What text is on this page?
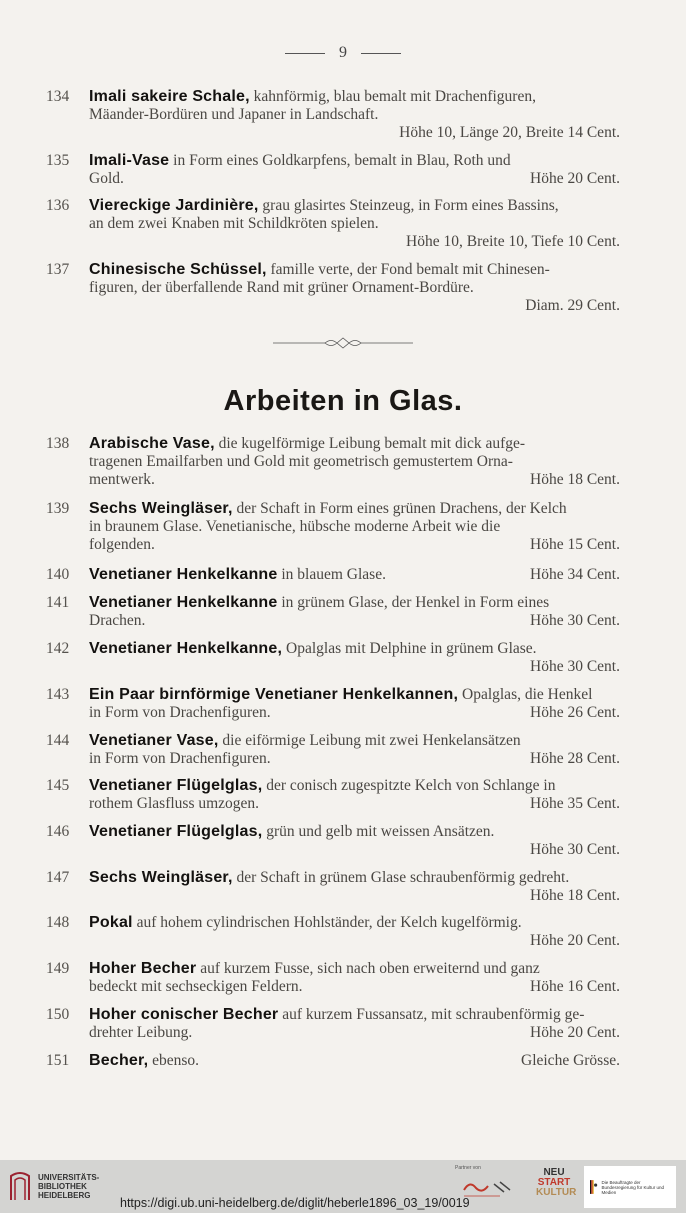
9
134	Imali sakeire Schale, kahnförmig, blau bemalt mit Drachenfiguren,
Mäander-Bordüren und Japaner in Landschaft.
Höhe 10, Länge 20, Breite 14 Cent.
135	Imali-Vase in Form eines Goldkarpfens, bemalt in Blau, Roth und
Gold.	Höhe 20 Cent.
136	Viereckige Jardinière, grau glasirtes Steinzeug, in Form eines Bassins,
an dem zwei Knaben mit Schildkröten spielen.
Höhe 10, Breite 10, Tiefe 10 Cent.
137	Chinesische Schüssel, famille verte, der Fond bemalt mit Chinesen-
figuren, der überfallende Rand mit grüner Ornament-Bordüre.
Diam. 29 Cent.
Arbeiten in Glas.
138	Arabische Vase, die kugelförmige Leibung bemalt mit dick aufge-
tragenen Emailfarben und Gold mit geometrisch gemustertem Orna-
mentwerk.	Höhe 18 Cent.
139	Sechs Weingläser, der Schaft in Form eines grünen Drachens, der Kelch
in braunem Glase. Venetianische, hübsche moderne Arbeit wie die
folgenden.	Höhe 15 Cent.
140	Venetianer Henkelkanne in blauem Glase.	Höhe 34 Cent.
141	Venetianer Henkelkanne in grünem Glase, der Henkel in Form eines
Drachen.	Höhe 30 Cent.
142	Venetianer Henkelkanne, Opalglas mit Delphine in grünem Glase.
Höhe 30 Cent.
143	Ein Paar birnförmige Venetianer Henkelkannen, Opalglas, die Henkel
in Form von Drachenfiguren.	Höhe 26 Cent.
144	Venetianer Vase, die eiförmige Leibung mit zwei Henkelansätzen
in Form von Drachenfiguren.	Höhe 28 Cent.
145	Venetianer Flügelglas, der conisch zugespitzte Kelch von Schlange in
rothem Glasfluss umzogen.	Höhe 35 Cent.
146	Venetianer Flügelglas, grün und gelb mit weissen Ansätzen.
Höhe 30 Cent.
147	Sechs Weingläser, der Schaft in grünem Glase schraubenförmig gedreht.
Höhe 18 Cent.
148	Pokal auf hohem cylindrischen Hohlständer, der Kelch kugelförmig.
Höhe 20 Cent.
149	Hoher Becher auf kurzem Fusse, sich nach oben erweiternd und ganz
bedeckt mit sechseckigen Feldern.	Höhe 16 Cent.
150	Hoher conischer Becher auf kurzem Fussansatz, mit schraubenförmig ge-
drehter Leibung.	Höhe 20 Cent.
151	Becher, ebenso.	Gleiche Grösse.
UNIVERSITÄTS-
BIBLIOTHEK
HEIDELBERG
https://digi.ub.uni-heidelberg.de/diglit/heberle1896_03_19/0019
Partner von	NEU
START
KULTUR
Die Beauftragte der Bundesregierung für Kultur und Medien
